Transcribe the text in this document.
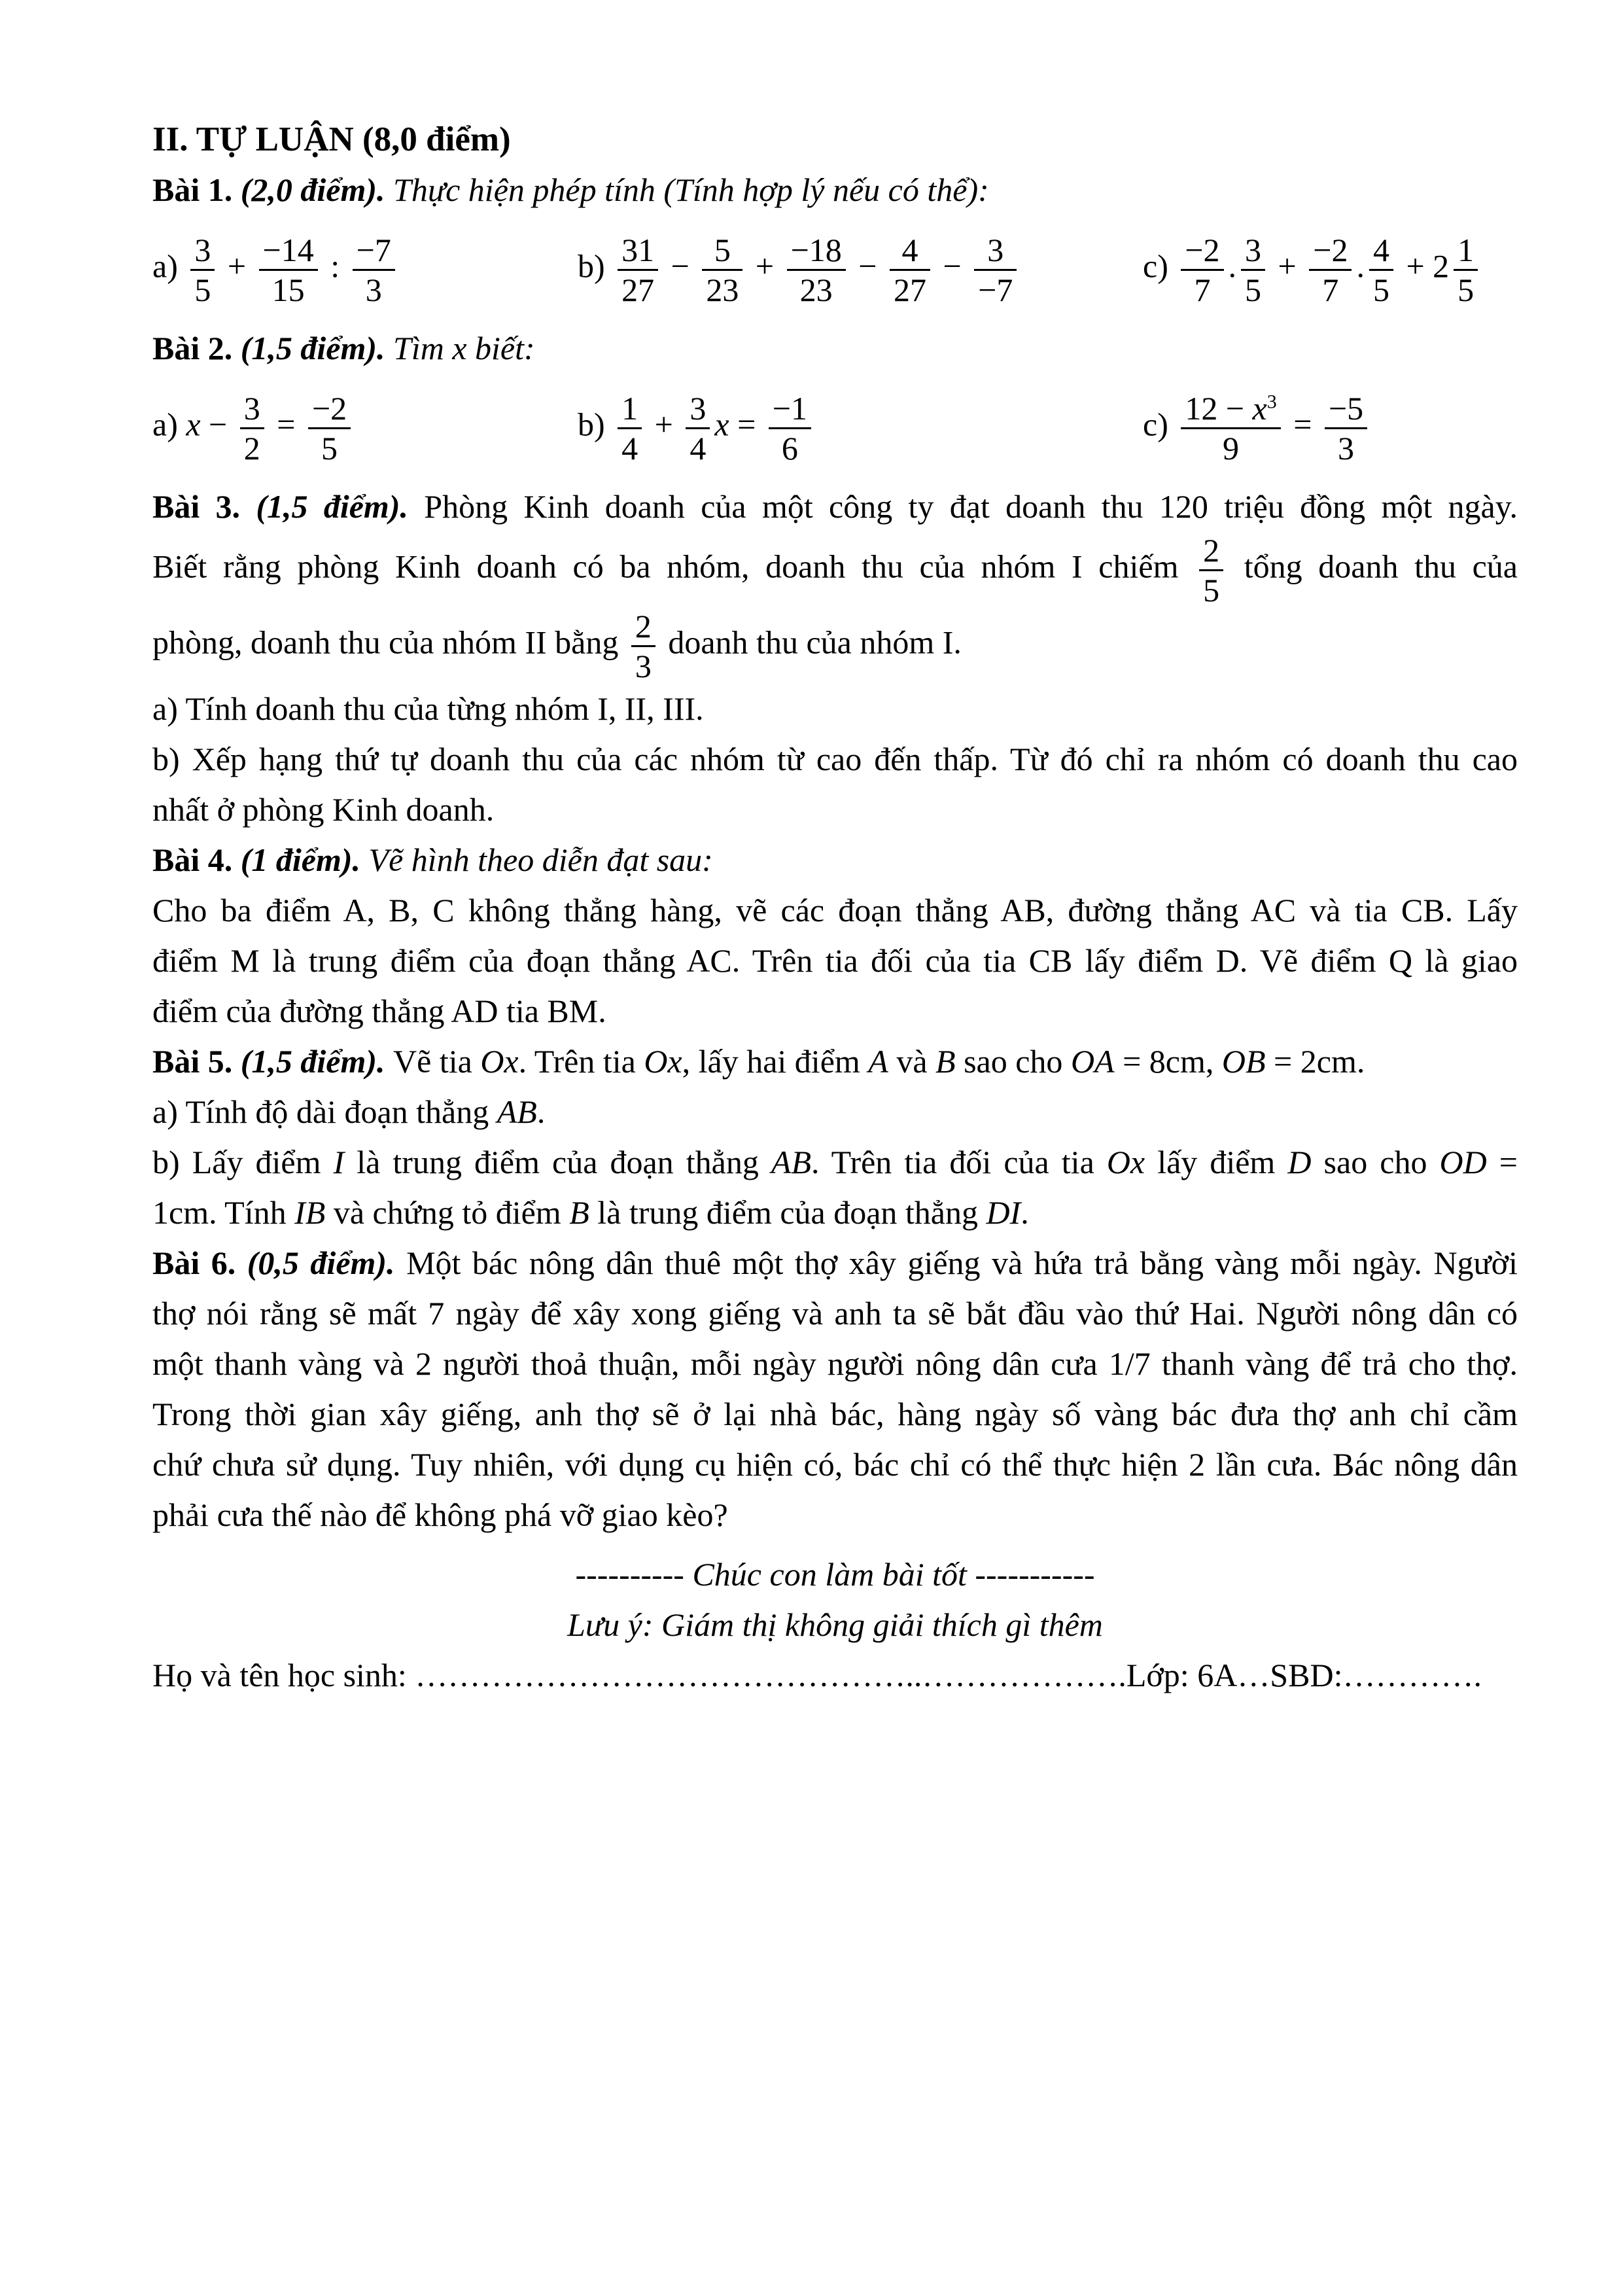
II. TỰ LUẬN (8,0 điểm)

Bài 1. (2,0 điểm). Thực hiện phép tính (Tính hợp lý nếu có thể):

$a) \frac{3}{5} + \frac{-14}{15}$ : $\frac{-7}{3}$	$b) \frac{31}{27} - \frac{5}{23} + \frac{-18}{23} - \frac{4}{27} - \frac{3}{-7}$	$c) \frac{-2}{7}$ . $\frac{3}{5} + \frac{-2}{7}$ . $\frac{4}{5} + 2 \frac{1}{5}$

Bài 2. (1,5 điểm). Tìm x biết:

a) $x - \frac{3}{2} = \frac{-2}{5}$	$b) \frac{1}{4} + \frac{3}{4}$ $x = \frac{-1}{6}$	$c) \frac{12 - x^3}{9} = \frac{-5}{3}$

Bài 3. (1,5 điểm). Phòng Kinh doanh của một công ty đạt doanh thu 120 triệu đồng một ngày.

Biết rằng phòng Kinh doanh có ba nhóm, doanh thu của nhóm I chiếm $\frac{2}{5}$ tổng doanh thu của

phòng, doanh thu của nhóm II bằng $\frac{2}{3}$ doanh thu của nhóm I.

a) Tính doanh thu của từng nhóm I, II, III.

b) Xếp hạng thứ tự doanh thu của các nhóm từ cao đến thấp. Từ đó chỉ ra nhóm có doanh thu cao

nhất ở phòng Kinh doanh.

Bài 4. (1 điểm). Vẽ hình theo diễn đạt sau:

Cho ba điểm A, B, C không thẳng hàng, vẽ các đoạn thẳng AB, đường thẳng AC và tia CB. Lấy

điểm M là trung điểm của đoạn thẳng AC. Trên tia đối của tia CB lấy điểm D. Vẽ điểm Q là giao

điểm của đường thẳng AD tia BM.

Bài 5. (1,5 điểm). Vẽ tia Ox. Trên tia Ox, lấy hai điểm A và B sao cho OA = 8cm, OB = 2cm.

a) Tính độ dài đoạn thẳng AB.

b) Lấy điểm I là trung điểm của đoạn thẳng AB. Trên tia đối của tia Ox lấy điểm D sao cho OD =

1cm. Tính IB và chứng tỏ điểm B là trung điểm của đoạn thẳng DI.

Bài 6. (0,5 điểm). Một bác nông dân thuê một thợ xây giếng và hứa trả bằng vàng mỗi ngày. Người

thợ nói rằng sẽ mất 7 ngày để xây xong giếng và anh ta sẽ bắt đầu vào thứ Hai. Người nông dân có

một thanh vàng và 2 người thoả thuận, mỗi ngày người nông dân cưa 1/7 thanh vàng để trả cho thợ.

Trong thời gian xây giếng, anh thợ sẽ ở lại nhà bác, hàng ngày số vàng bác đưa thợ anh chỉ cầm

chứ chưa sử dụng. Tuy nhiên, với dụng cụ hiện có, bác chỉ có thể thực hiện 2 lần cưa. Bác nông dân

phải cưa thế nào để không phá vỡ giao kèo?

---------- Chúc con làm bài tốt -----------

Lưu ý: Giám thị không giải thích gì thêm

Họ và tên học sinh: ………………………………………..……………….Lớp: 6A…SBD:………….
